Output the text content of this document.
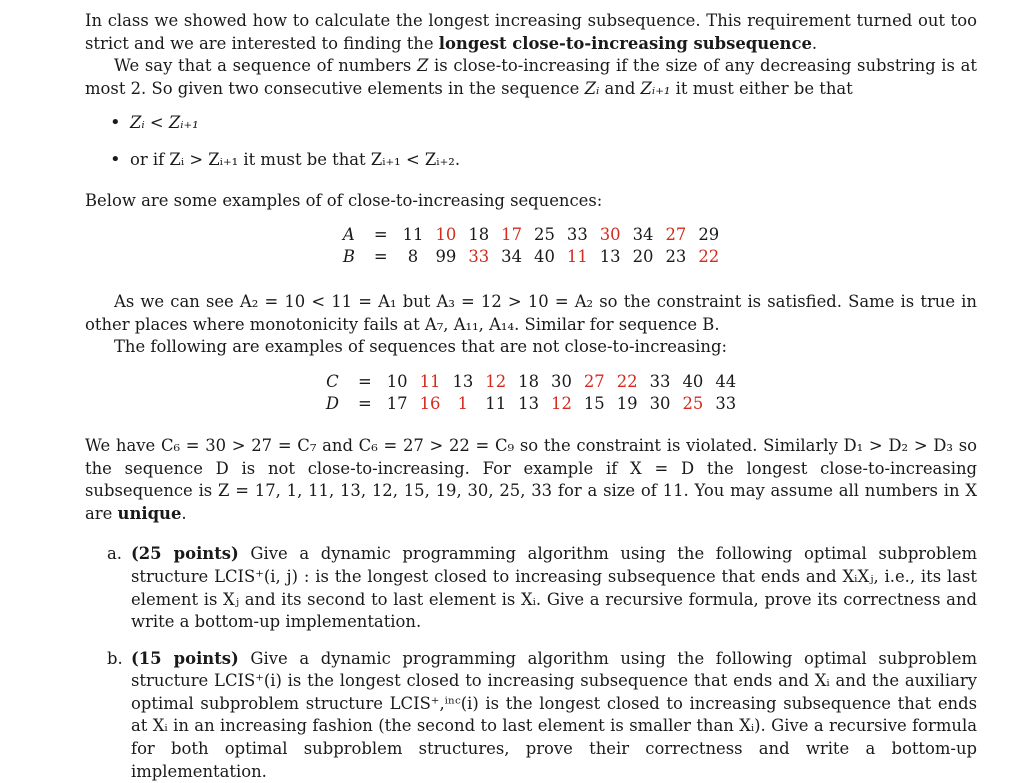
In class we showed how to calculate the longest increasing subsequence. This requirement turned out too strict and we are interested to finding the longest close-to-increasing subsequence.

We say that a sequence of numbers Z is close-to-increasing if the size of any decreasing substring is at most 2. So given two consecutive elements in the sequence Zᵢ and Zᵢ₊₁ it must either be that

• Zᵢ < Zᵢ₊₁
• or if Zᵢ > Zᵢ₊₁ it must be that Zᵢ₊₁ < Zᵢ₊₂.

Below are some examples of of close-to-increasing sequences:

A	=	11	10	18	17	25	33	30	34	27	29
B	=	8	99	33	34	40	11	13	20	23	22

As we can see A₂ = 10 < 11 = A₁ but A₃ = 12 > 10 = A₂ so the constraint is satisfied. Same is true in other places where monotonicity fails at A₇, A₁₁, A₁₄. Similar for sequence B.

The following are examples of sequences that are not close-to-increasing:

C	=	10	11	13	12	18	30	27	22	33	40	44
D	=	17	16	1	11	13	12	15	19	30	25	33

We have C₆ = 30 > 27 = C₇ and C₆ = 27 > 22 = C₉ so the constraint is violated. Similarly D₁ > D₂ > D₃ so the sequence D is not close-to-increasing. For example if X = D the longest close-to-increasing subsequence is Z = 17, 1, 11, 13, 12, 15, 19, 30, 25, 33 for a size of 11. You may assume all numbers in X are unique.

a. (25 points) Give a dynamic programming algorithm using the following optimal subproblem structure LCIS⁺(i, j) : is the longest closed to increasing subsequence that ends and XᵢXⱼ, i.e., its last element is Xⱼ and its second to last element is Xᵢ. Give a recursive formula, prove its correctness and write a bottom-up implementation.
b. (15 points) Give a dynamic programming algorithm using the following optimal subproblem structure LCIS⁺(i) is the longest closed to increasing subsequence that ends and Xᵢ and the auxiliary optimal subproblem structure LCIS⁺,ⁱⁿᶜ(i) is the longest closed to increasing subsequence that ends at Xᵢ in an increasing fashion (the second to last element is smaller than Xᵢ). Give a recursive formula for both optimal subproblem structures, prove their correctness and write a bottom-up implementation.
